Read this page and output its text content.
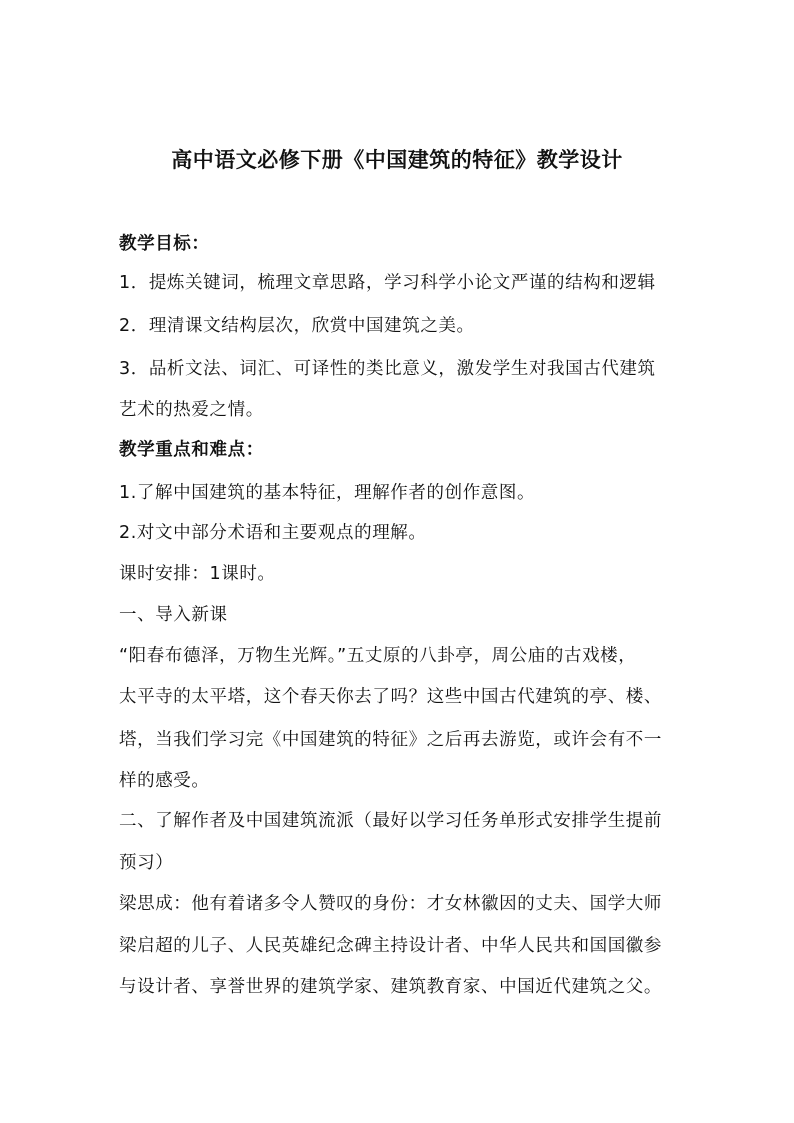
高中语文必修下册《中国建筑的特征》教学设计
教学目标：
1．提炼关键词，梳理文章思路，学习科学小论文严谨的结构和逻辑
2．理清课文结构层次，欣赏中国建筑之美。
3．品析文法、词汇、可译性的类比意义，激发学生对我国古代建筑
艺术的热爱之情。
教学重点和难点：
1.了解中国建筑的基本特征，理解作者的创作意图。
2.对文中部分术语和主要观点的理解。
课时安排：1课时。
一、导入新课
“阳春布德泽，万物生光辉。”五丈原的八卦亭，周公庙的古戏楼，
太平寺的太平塔，这个春天你去了吗？这些中国古代建筑的亭、楼、
塔，当我们学习完《中国建筑的特征》之后再去游览，或许会有不一
样的感受。
二、了解作者及中国建筑流派（最好以学习任务单形式安排学生提前
预习）
梁思成：他有着诸多令人赞叹的身份：才女林徽因的丈夫、国学大师
梁启超的儿子、人民英雄纪念碑主持设计者、中华人民共和国国徽参
与设计者、享誉世界的建筑学家、建筑教育家、中国近代建筑之父。
